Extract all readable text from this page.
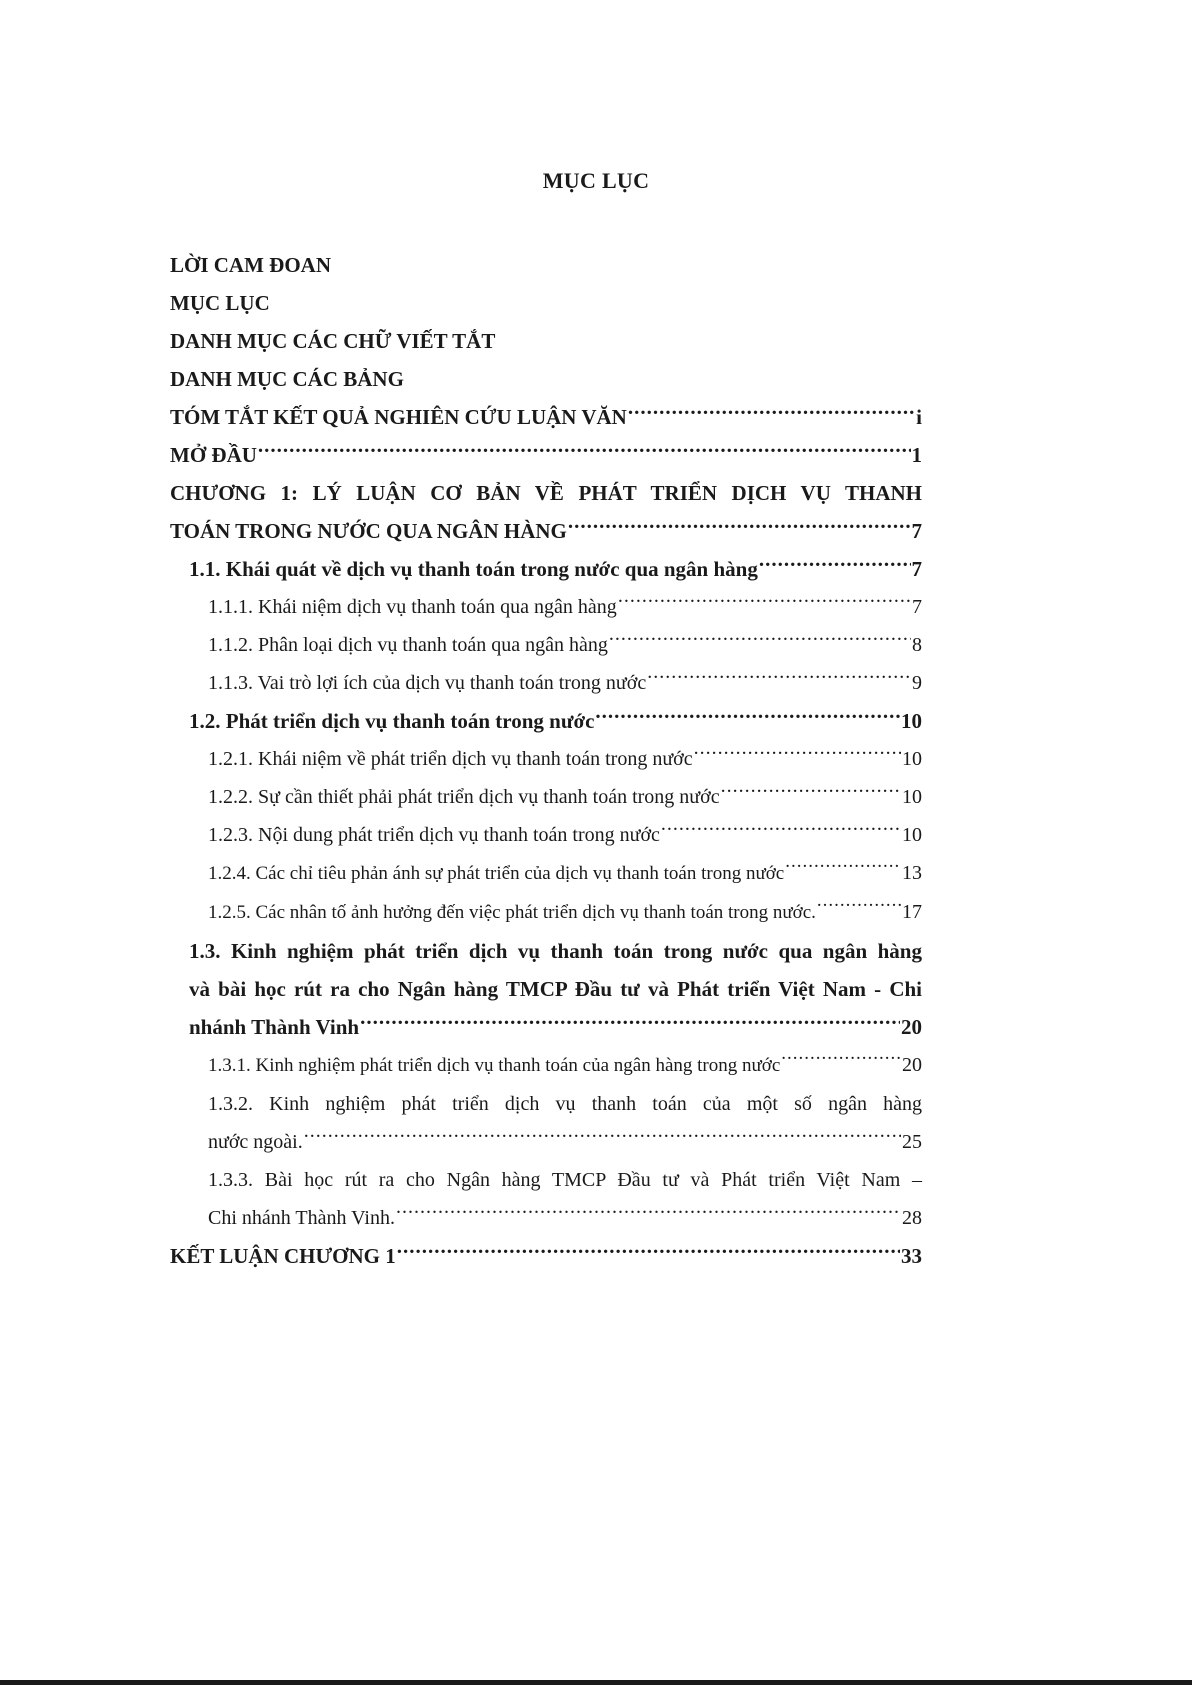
MỤC LỤC
LỜI CAM ĐOAN
MỤC LỤC
DANH MỤC CÁC CHỮ VIẾT TẮT
DANH MỤC CÁC BẢNG
TÓM TẮT KẾT QUẢ NGHIÊN CỨU LUẬN VĂN .....	i
MỞ ĐẦU .....	1
CHƯƠNG 1: LÝ LUẬN CƠ BẢN VỀ PHÁT TRIỂN DỊCH VỤ THANH
TOÁN TRONG NƯỚC QUA NGÂN HÀNG .....	7
1.1. Khái quát về dịch vụ thanh toán trong nước qua ngân hàng .....	7
1.1.1. Khái niệm dịch vụ thanh toán qua ngân hàng .....	7
1.1.2. Phân loại dịch vụ thanh toán qua ngân hàng .....	8
1.1.3. Vai trò lợi ích của dịch vụ thanh toán trong nước .....	9
1.2. Phát triển dịch vụ thanh toán trong nước .....	10
1.2.1. Khái niệm về phát triển dịch vụ thanh toán trong nước .....	10
1.2.2. Sự cần thiết phải phát triển dịch vụ thanh toán trong nước .....	10
1.2.3. Nội dung phát triển dịch vụ thanh toán trong nước .....	10
1.2.4. Các chỉ tiêu phản ánh sự phát triển của dịch vụ thanh toán trong nước .....	13
1.2.5. Các nhân tố ảnh hưởng đến việc phát triển dịch vụ thanh toán trong nước. .....	17
1.3. Kinh nghiệm phát triển dịch vụ thanh toán trong nước qua ngân hàng
và bài học rút ra cho Ngân hàng TMCP Đầu tư và Phát triển Việt Nam - Chi
nhánh Thành Vinh .....	20
1.3.1. Kinh nghiệm phát triển dịch vụ thanh toán của ngân hàng trong nước .....	20
1.3.2. Kinh nghiệm phát triển dịch vụ thanh toán của một số ngân hàng
nước ngoài. .....	25
1.3.3. Bài học rút ra cho Ngân hàng TMCP Đầu tư và Phát triển Việt Nam –
Chi nhánh Thành Vinh. .....	28
KẾT LUẬN CHƯƠNG 1 .....	33
